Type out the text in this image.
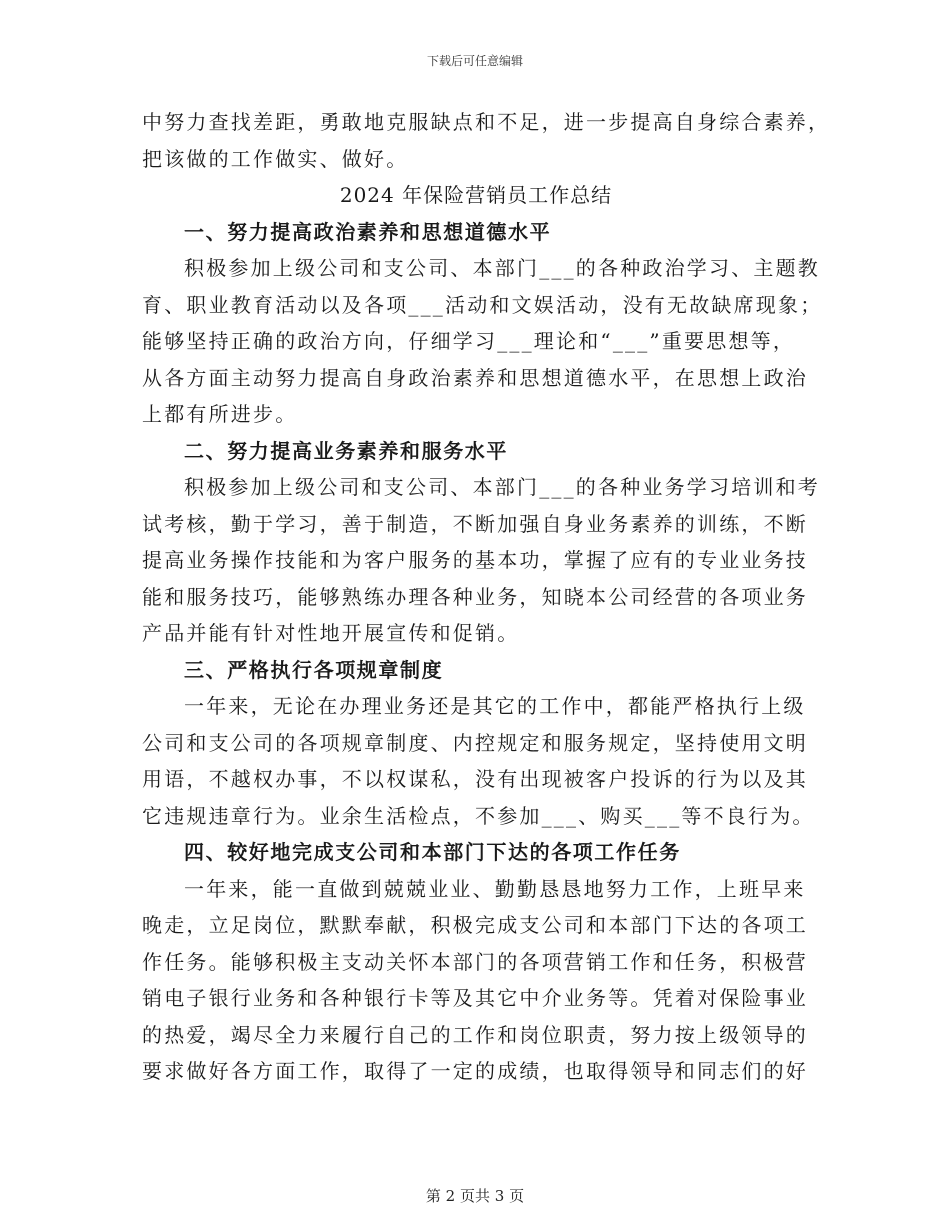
下载后可任意编辑
中努力查找差距，勇敢地克服缺点和不足，进一步提高自身综合素养，
把该做的工作做实、做好。
2024 年保险营销员工作总结
一、努力提高政治素养和思想道德水平
积极参加上级公司和支公司、本部门___的各种政治学习、主题教
育、职业教育活动以及各项___活动和文娱活动，没有无故缺席现象；
能够坚持正确的政治方向，仔细学习___理论和“___”重要思想等，
从各方面主动努力提高自身政治素养和思想道德水平，在思想上政治
上都有所进步。
二、努力提高业务素养和服务水平
积极参加上级公司和支公司、本部门___的各种业务学习培训和考
试考核，勤于学习，善于制造，不断加强自身业务素养的训练，不断
提高业务操作技能和为客户服务的基本功，掌握了应有的专业业务技
能和服务技巧，能够熟练办理各种业务，知晓本公司经营的各项业务
产品并能有针对性地开展宣传和促销。
三、严格执行各项规章制度
一年来，无论在办理业务还是其它的工作中，都能严格执行上级
公司和支公司的各项规章制度、内控规定和服务规定，坚持使用文明
用语，不越权办事，不以权谋私，没有出现被客户投诉的行为以及其
它违规违章行为。业余生活检点，不参加___、购买___等不良行为。
四、较好地完成支公司和本部门下达的各项工作任务
一年来，能一直做到兢兢业业、勤勤恳恳地努力工作，上班早来
晚走，立足岗位，默默奉献，积极完成支公司和本部门下达的各项工
作任务。能够积极主支动关怀本部门的各项营销工作和任务，积极营
销电子银行业务和各种银行卡等及其它中介业务等。凭着对保险事业
的热爱，竭尽全力来履行自己的工作和岗位职责，努力按上级领导的
要求做好各方面工作，取得了一定的成绩，也取得领导和同志们的好
第 2 页共 3 页
